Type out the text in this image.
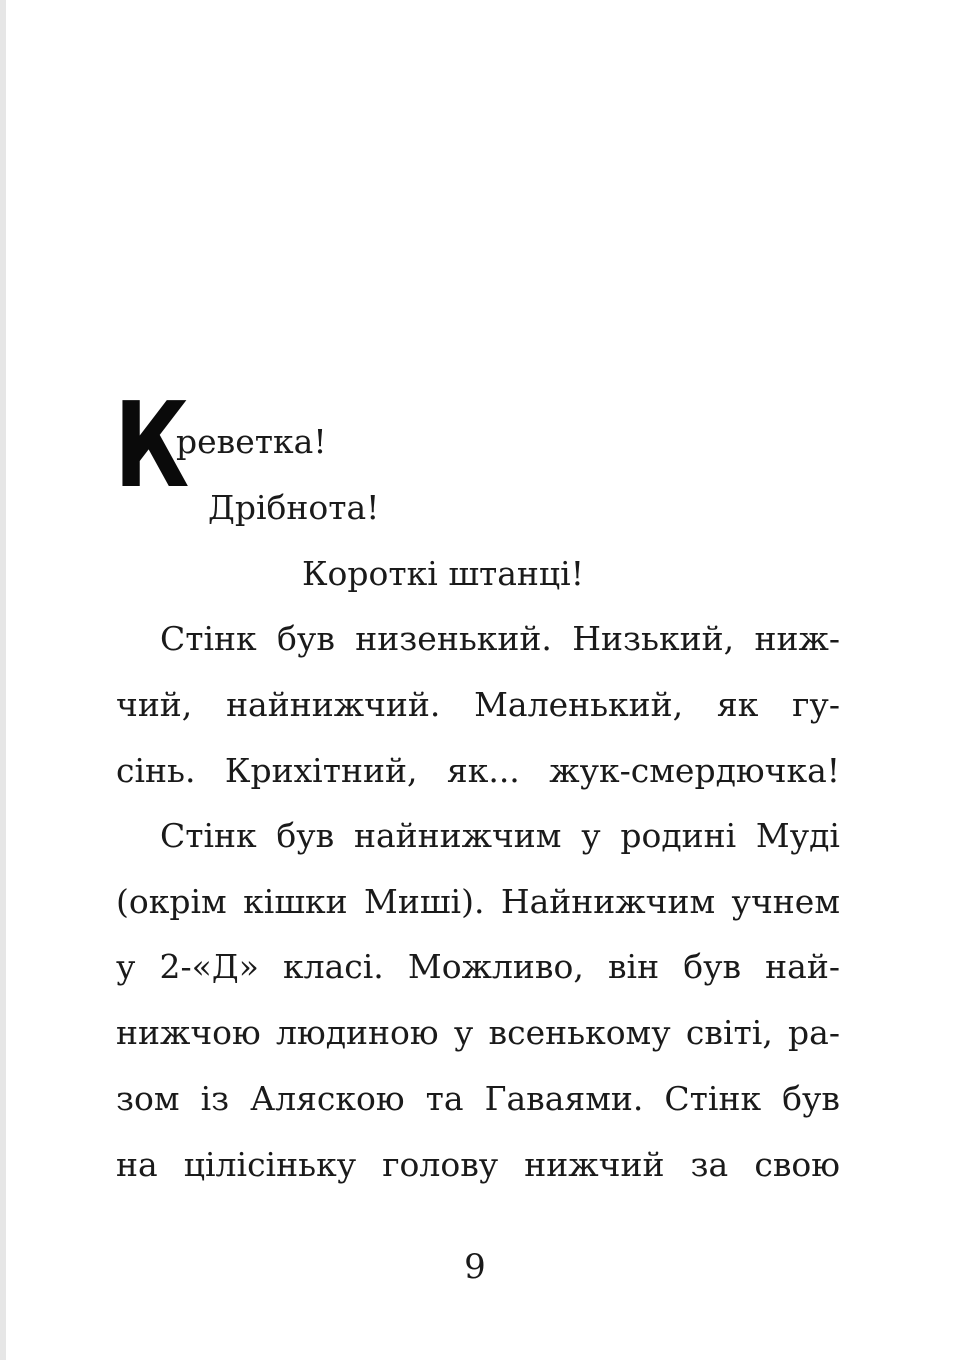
К
реветка!
Дрібнота!
Короткі штанці!
Стінк був низенький. Низький, ниж-
чий, найнижчий. Маленький, як гу-
сінь. Крихітний, як... жук-смердючка!
Стінк був найнижчим у родині Муді
(окрім кішки Миші). Найнижчим учнем
у 2-«Д» класі. Можливо, він був най-
нижчою людиною у всенькому світі, ра-
зом із Аляскою та Гаваями. Стінк був
на цілісіньку голову нижчий за свою
9
